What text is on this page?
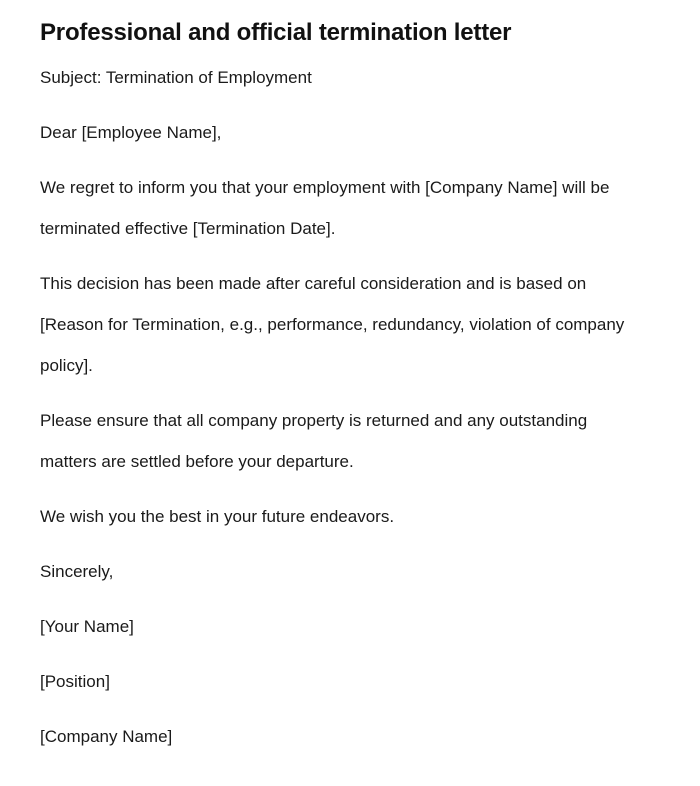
Professional and official termination letter

Subject: Termination of Employment

Dear [Employee Name],

We regret to inform you that your employment with [Company Name] will be terminated effective [Termination Date].

This decision has been made after careful consideration and is based on [Reason for Termination, e.g., performance, redundancy, violation of company policy].

Please ensure that all company property is returned and any outstanding matters are settled before your departure.

We wish you the best in your future endeavors.

Sincerely,

[Your Name]

[Position]

[Company Name]
